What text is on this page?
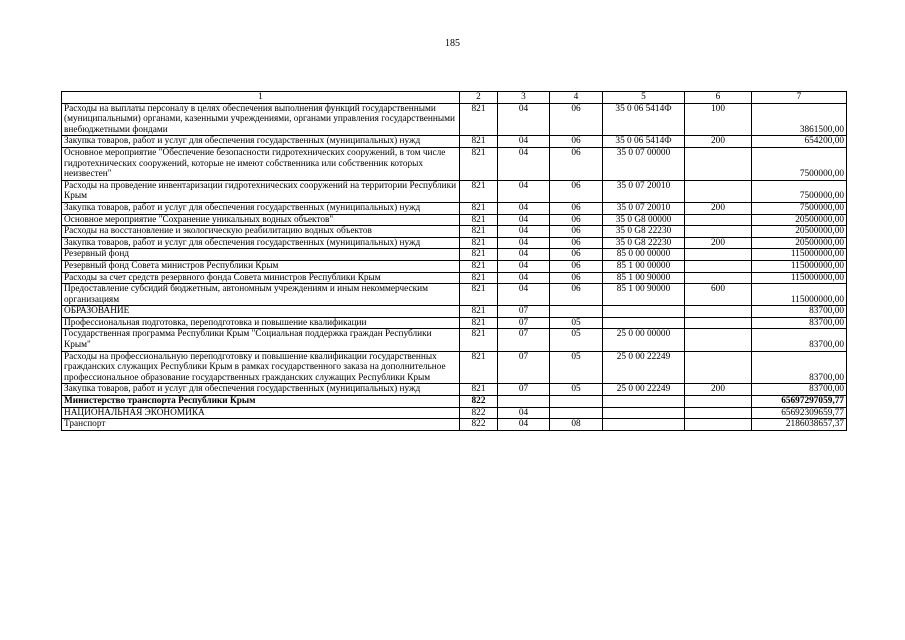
185
1	2	3	4	5	6	7
Расходы на выплаты персоналу в целях обеспечения выполнения функций государственными (муниципальными) органами, казенными учреждениями, органами управления государственными внебюджетными фондами	821	04	06	35 0 06 5414Ф	100	3861500,00
Закупка товаров, работ и услуг для обеспечения государственных (муниципальных) нужд	821	04	06	35 0 06 5414Ф	200	654200,00
Основное мероприятие "Обеспечение безопасности гидротехнических сооружений, в том числе гидротехнических сооружений, которые не имеют собственника или собственник которых неизвестен"	821	04	06	35 0 07 00000		7500000,00
Расходы на проведение инвентаризации гидротехнических сооружений на территории Республики Крым	821	04	06	35 0 07 20010		7500000,00
Закупка товаров, работ и услуг для обеспечения государственных (муниципальных) нужд	821	04	06	35 0 07 20010	200	7500000,00
Основное мероприятие "Сохранение уникальных водных объектов"	821	04	06	35 0 G8 00000		20500000,00
Расходы на восстановление и экологическую реабилитацию водных объектов	821	04	06	35 0 G8 22230		20500000,00
Закупка товаров, работ и услуг для обеспечения государственных (муниципальных) нужд	821	04	06	35 0 G8 22230	200	20500000,00
Резервный фонд	821	04	06	85 0 00 00000		115000000,00
Резервный фонд Совета министров Республики Крым	821	04	06	85 1 00 00000		115000000,00
Расходы за счет средств резервного фонда Совета министров Республики Крым	821	04	06	85 1 00 90000		115000000,00
Предоставление субсидий бюджетным, автономным учреждениям и иным некоммерческим организациям	821	04	06	85 1 00 90000	600	115000000,00
ОБРАЗОВАНИЕ	821	07				83700,00
Профессиональная подготовка, переподготовка и повышение квалификации	821	07	05			83700,00
Государственная программа Республики Крым "Социальная поддержка граждан Республики Крым"	821	07	05	25 0 00 00000		83700,00
Расходы на профессиональную переподготовку и повышение квалификации государственных гражданских служащих Республики Крым в рамках государственного заказа на дополнительное профессиональное образование государственных гражданских служащих Республики Крым	821	07	05	25 0 00 22249		83700,00
Закупка товаров, работ и услуг для обеспечения государственных (муниципальных) нужд	821	07	05	25 0 00 22249	200	83700,00
Министерство транспорта Республики Крым	822					65697297059,77
НАЦИОНАЛЬНАЯ ЭКОНОМИКА	822	04				65692309659,77
Транспорт	822	04	08			2186038657,37
